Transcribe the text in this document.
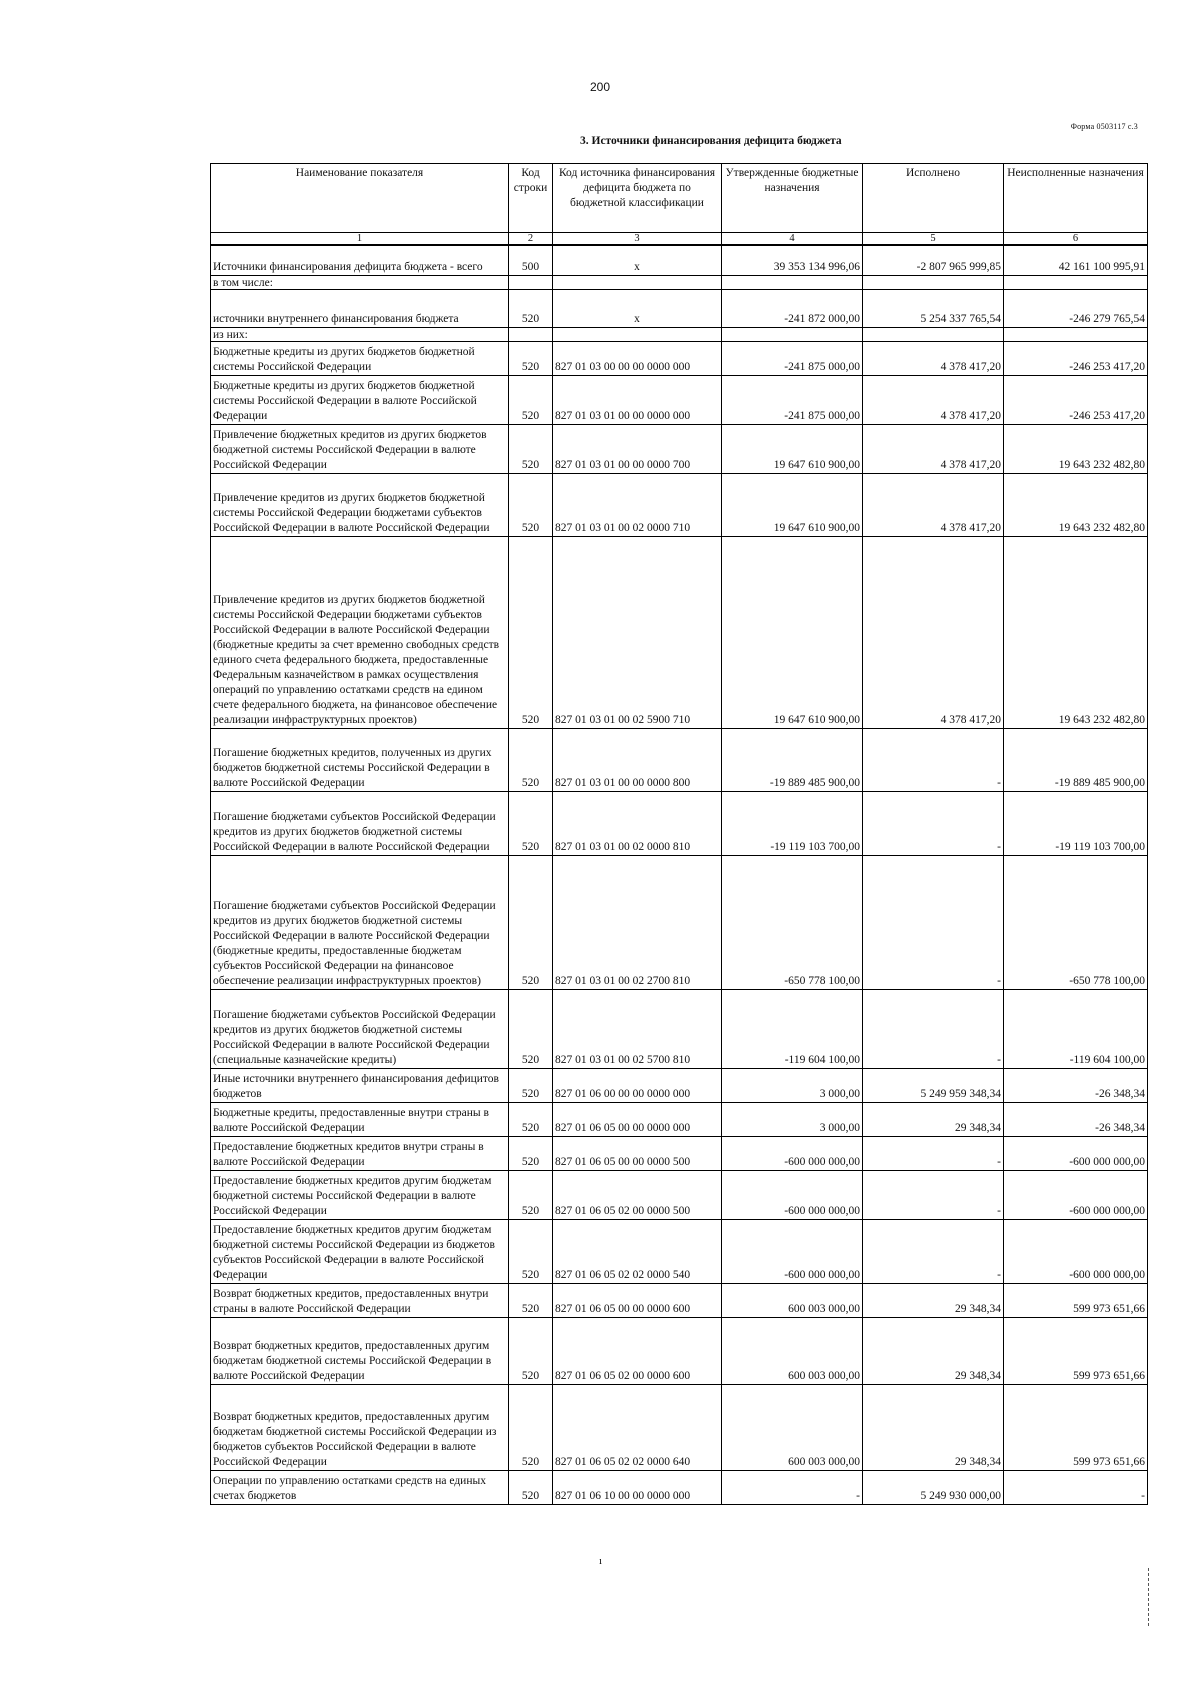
200
Форма 0503117 с.3
3. Источники финансирования дефицита бюджета
Наименование показателя	Код строки	Код источника финансирования дефицита бюджета по бюджетной классификации	Утвержденные бюджетные назначения	Исполнено	Неисполненные назначения
1	2	3	4	5	6
Источники финансирования дефицита бюджета - всего	500	x	39 353 134 996,06	-2 807 965 999,85	42 161 100 995,91
в том числе:					
источники внутреннего финансирования бюджета	520	x	-241 872 000,00	5 254 337 765,54	-246 279 765,54
из них:					
Бюджетные кредиты из других бюджетов бюджетной системы Российской Федерации	520	827 01 03 00 00 00 0000 000	-241 875 000,00	4 378 417,20	-246 253 417,20
Бюджетные кредиты из других бюджетов бюджетной системы Российской Федерации в валюте Российской Федерации	520	827 01 03 01 00 00 0000 000	-241 875 000,00	4 378 417,20	-246 253 417,20
Привлечение бюджетных кредитов из других бюджетов бюджетной системы Российской Федерации в валюте Российской Федерации	520	827 01 03 01 00 00 0000 700	19 647 610 900,00	4 378 417,20	19 643 232 482,80
Привлечение кредитов из других бюджетов бюджетной системы Российской Федерации бюджетами субъектов Российской Федерации в валюте Российской Федерации	520	827 01 03 01 00 02 0000 710	19 647 610 900,00	4 378 417,20	19 643 232 482,80
Привлечение кредитов из других бюджетов бюджетной системы Российской Федерации бюджетами субъектов Российской Федерации в валюте Российской Федерации (бюджетные кредиты за счет временно свободных средств единого счета федерального бюджета, предоставленные Федеральным казначейством в рамках осуществления операций по управлению остатками средств на едином счете федерального бюджета, на финансовое обеспечение реализации инфраструктурных проектов)	520	827 01 03 01 00 02 5900 710	19 647 610 900,00	4 378 417,20	19 643 232 482,80
Погашение бюджетных кредитов, полученных из других бюджетов бюджетной системы Российской Федерации в валюте Российской Федерации	520	827 01 03 01 00 00 0000 800	-19 889 485 900,00	-	-19 889 485 900,00
Погашение бюджетами субъектов Российской Федерации кредитов из других бюджетов бюджетной системы Российской Федерации в валюте Российской Федерации	520	827 01 03 01 00 02 0000 810	-19 119 103 700,00	-	-19 119 103 700,00
Погашение бюджетами субъектов Российской Федерации кредитов из других бюджетов бюджетной системы Российской Федерации в валюте Российской Федерации (бюджетные кредиты, предоставленные бюджетам субъектов Российской Федерации на финансовое обеспечение реализации инфраструктурных проектов)	520	827 01 03 01 00 02 2700 810	-650 778 100,00	-	-650 778 100,00
Погашение бюджетами субъектов Российской Федерации кредитов из других бюджетов бюджетной системы Российской Федерации в валюте Российской Федерации (специальные казначейские кредиты)	520	827 01 03 01 00 02 5700 810	-119 604 100,00	-	-119 604 100,00
Иные источники внутреннего финансирования дефицитов бюджетов	520	827 01 06 00 00 00 0000 000	3 000,00	5 249 959 348,34	-26 348,34
Бюджетные кредиты, предоставленные внутри страны в валюте Российской Федерации	520	827 01 06 05 00 00 0000 000	3 000,00	29 348,34	-26 348,34
Предоставление бюджетных кредитов внутри страны в валюте Российской Федерации	520	827 01 06 05 00 00 0000 500	-600 000 000,00	-	-600 000 000,00
Предоставление бюджетных кредитов другим бюджетам бюджетной системы Российской Федерации в валюте Российской Федерации	520	827 01 06 05 02 00 0000 500	-600 000 000,00	-	-600 000 000,00
Предоставление бюджетных кредитов другим бюджетам бюджетной системы Российской Федерации из бюджетов субъектов Российской Федерации в валюте Российской Федерации	520	827 01 06 05 02 02 0000 540	-600 000 000,00	-	-600 000 000,00
Возврат бюджетных кредитов, предоставленных внутри страны в валюте Российской Федерации	520	827 01 06 05 00 00 0000 600	600 003 000,00	29 348,34	599 973 651,66
Возврат бюджетных кредитов, предоставленных другим бюджетам бюджетной системы Российской Федерации в валюте Российской Федерации	520	827 01 06 05 02 00 0000 600	600 003 000,00	29 348,34	599 973 651,66
Возврат бюджетных кредитов, предоставленных другим бюджетам бюджетной системы Российской Федерации из бюджетов субъектов Российской Федерации в валюте Российской Федерации	520	827 01 06 05 02 02 0000 640	600 003 000,00	29 348,34	599 973 651,66
Операции по управлению остатками средств на единых счетах бюджетов	520	827 01 06 10 00 00 0000 000	-	5 249 930 000,00	-
ı
